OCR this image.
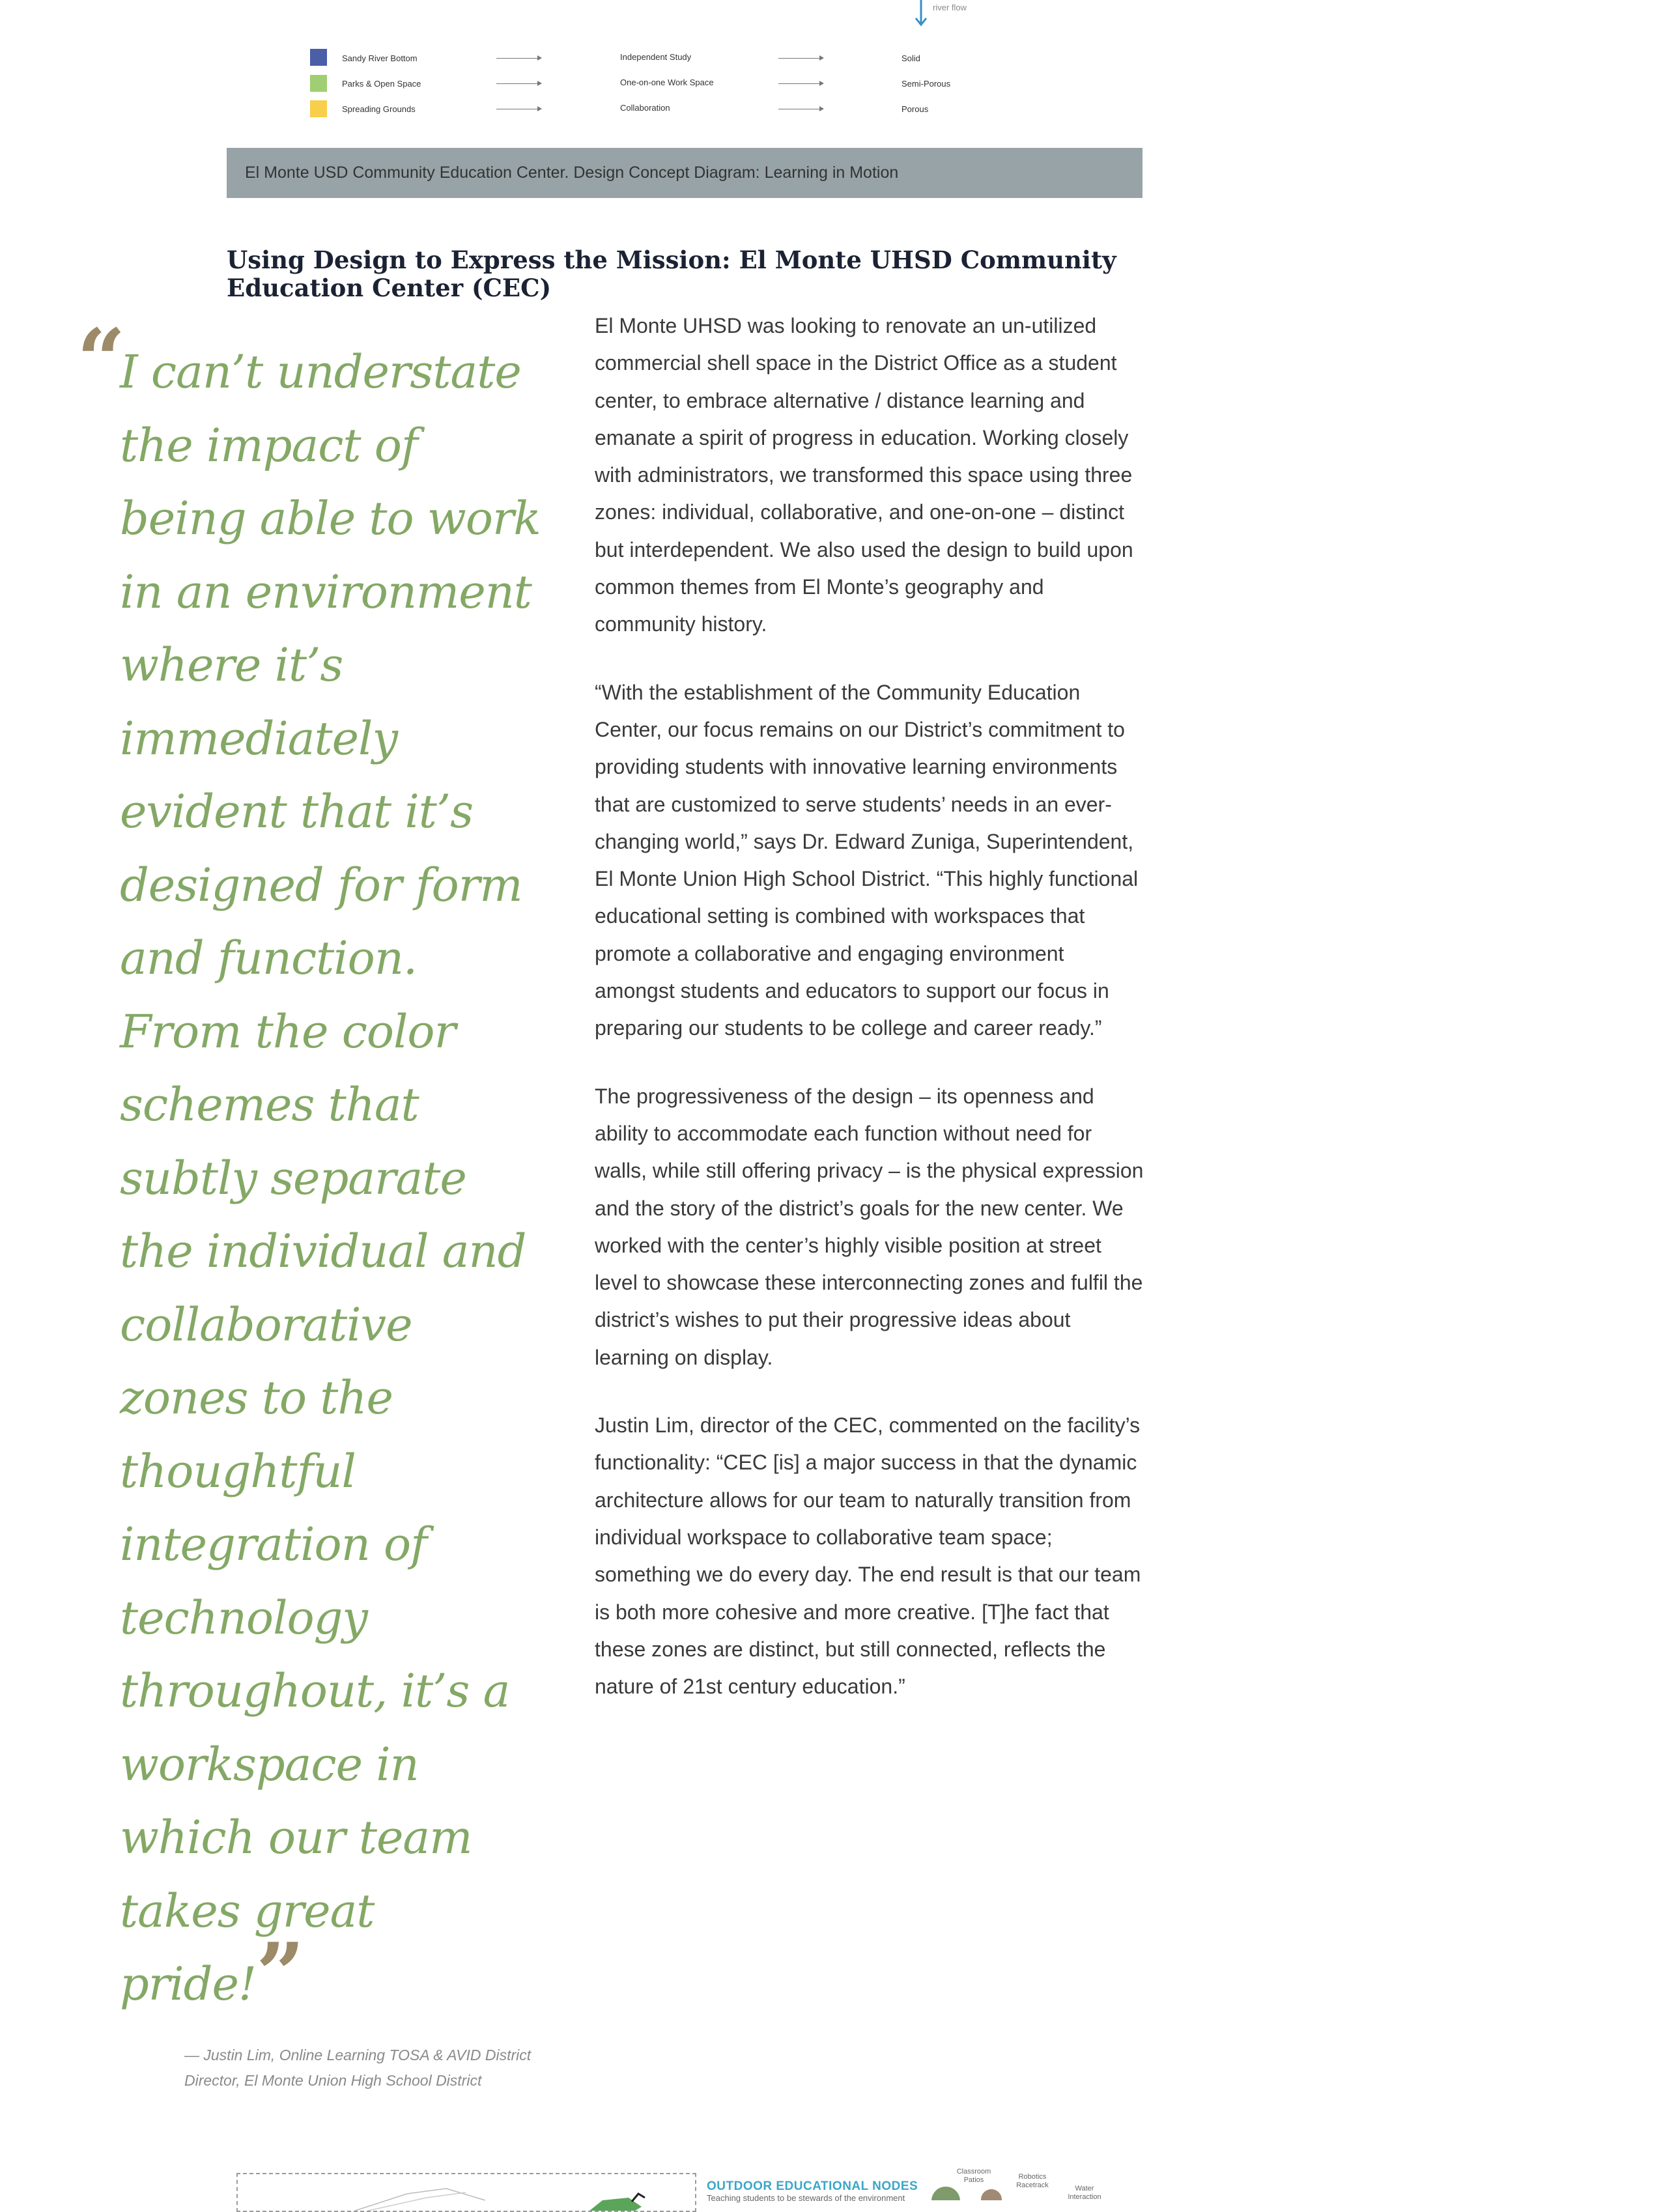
river flow
Sandy River Bottom	Independent Study	Solid
Parks & Open Space	One-on-one Work Space	Semi-Porous
Spreading Grounds	Collaboration	Porous
El Monte USD Community Education Center. Design Concept Diagram: Learning in Motion
Using Design to Express the Mission: El Monte UHSD Community Education Center (CEC)

El Monte UHSD was looking to renovate an un-utilized commercial shell space in the District Office as a student center, to embrace alternative / distance learning and emanate a spirit of progress in education. Working closely with administrators, we transformed this space using three zones: individual, collaborative, and one-on-one – distinct but interdependent. We also used the design to build upon common themes from El Monte’s geography and community history.

“With the establishment of the Community Education Center, our focus remains on our District’s commitment to providing students with innovative learning environments that are customized to serve students’ needs in an ever-changing world,” says Dr. Edward Zuniga, Superintendent, El Monte Union High School District. “This highly functional educational setting is combined with workspaces that promote a collaborative and engaging environment amongst students and educators to support our focus in preparing our students to be college and career ready.”

The progressiveness of the design – its openness and ability to accommodate each function without need for walls, while still offering privacy – is the physical expression and the story of the district’s goals for the new center. We worked with the center’s highly visible position at street level to showcase these interconnecting zones and fulfil the district’s wishes to put their progressive ideas about learning on display.

Justin Lim, director of the CEC, commented on the facility’s functionality: “CEC [is] a major success in that the dynamic architecture allows for our team to naturally transition from individual workspace to collaborative team space; something we do every day. The end result is that our team is both more cohesive and more creative. [T]he fact that these zones are distinct, but still connected, reflects the nature of 21st century education.”

“
I can’t understate the impact of being able to work in an environment where it’s immediately evident that it’s designed for form and function. From the color schemes that subtly separate the individual and collaborative zones to the thoughtful integration of technology throughout, it’s a workspace in which our team takes great pride!”
— Justin Lim, Online Learning TOSA & AVID District Director, El Monte Union High School District
OUTDOOR EDUCATIONAL NODES
Teaching students to be stewards of the environment
Classroom Patios	Robotics Racetrack	Water Interaction
